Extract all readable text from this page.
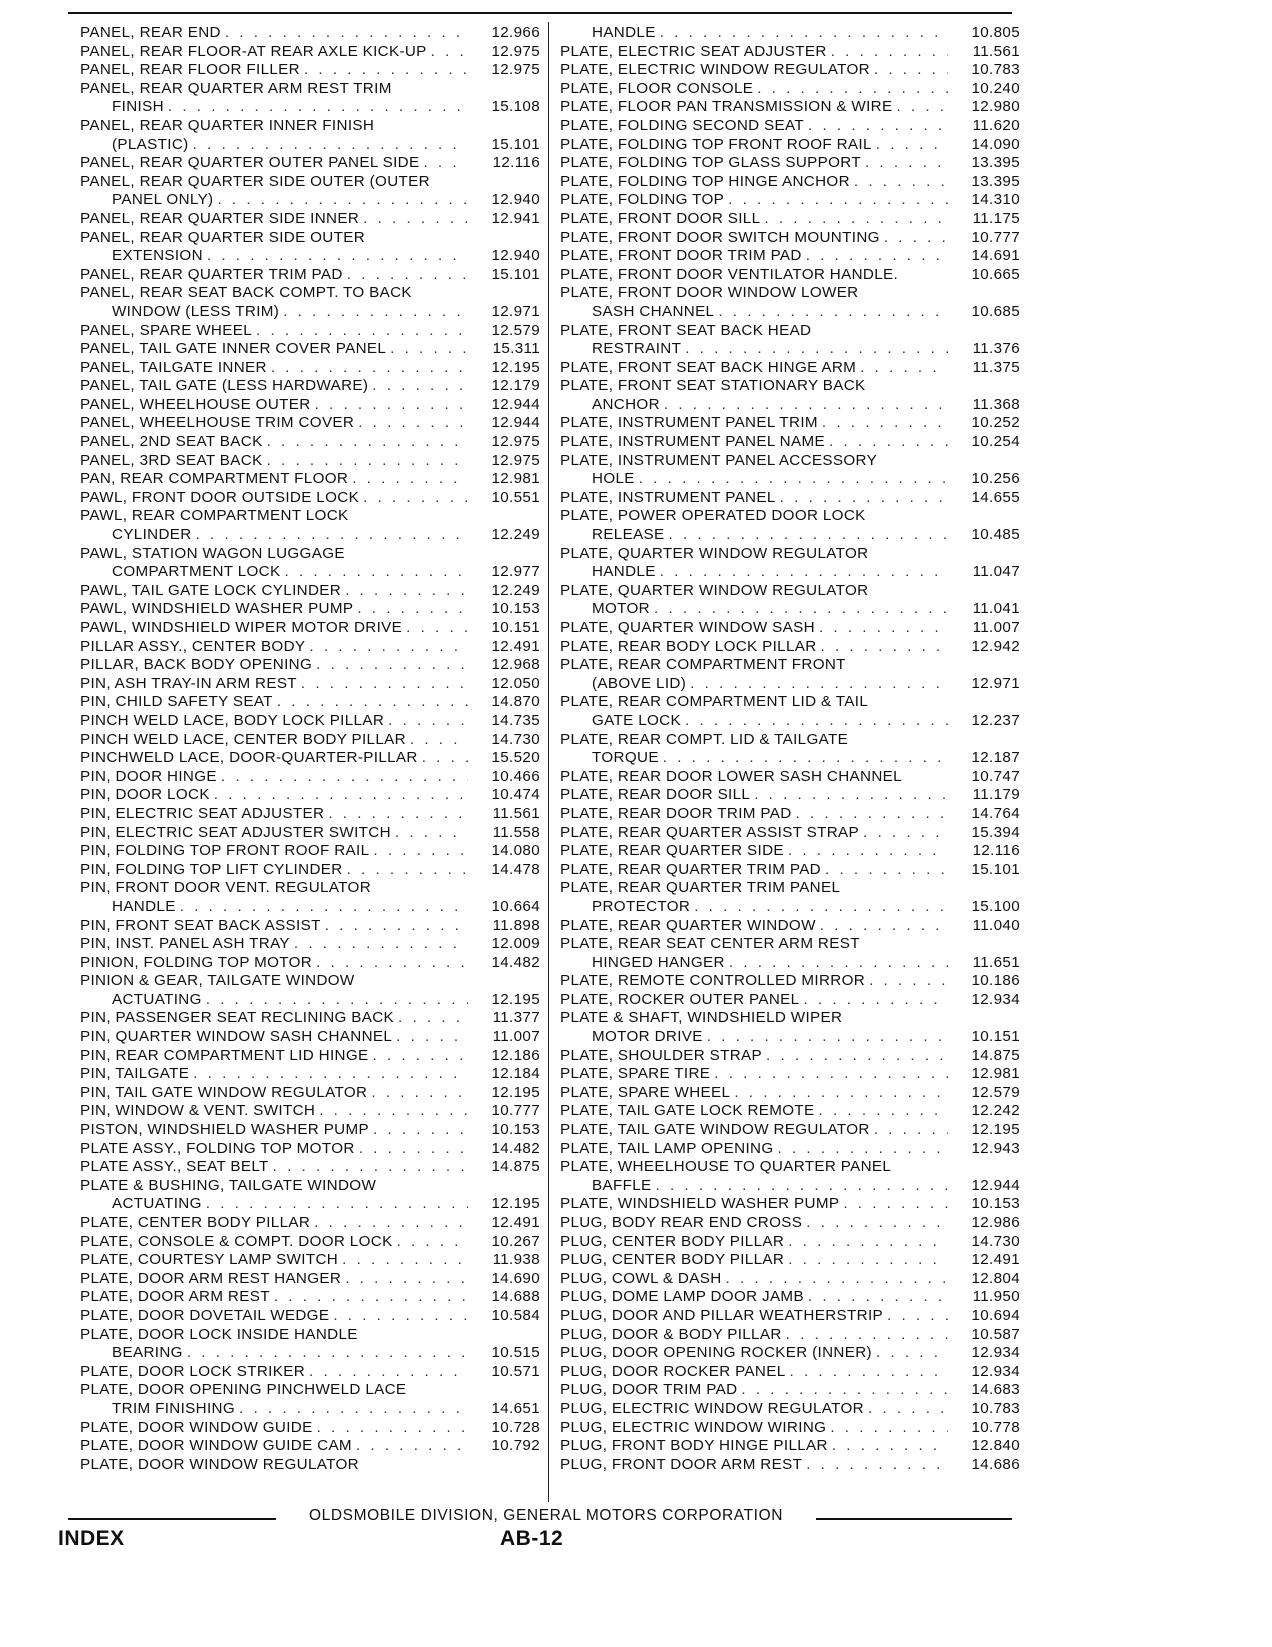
PANEL, REAR END . . .	12.966
PANEL, REAR FLOOR-AT REAR AXLE KICK-UP . . .	12.975
PANEL, REAR FLOOR FILLER . . .	12.975
PANEL, REAR QUARTER ARM REST TRIM
FINISH . . .	15.108
PANEL, REAR QUARTER INNER FINISH
(PLASTIC) . . .	15.101
PANEL, REAR QUARTER OUTER PANEL SIDE . . .	12.116
PANEL, REAR QUARTER SIDE OUTER (OUTER
PANEL ONLY) . . .	12.940
PANEL, REAR QUARTER SIDE INNER . . .	12.941
PANEL, REAR QUARTER SIDE OUTER
EXTENSION . . .	12.940
PANEL, REAR QUARTER TRIM PAD . . .	15.101
PANEL, REAR SEAT BACK COMPT. TO BACK
WINDOW (LESS TRIM) . . .	12.971
PANEL, SPARE WHEEL . . .	12.579
PANEL, TAIL GATE INNER COVER PANEL . . .	15.311
PANEL, TAILGATE INNER . . .	12.195
PANEL, TAIL GATE (LESS HARDWARE) . . .	12.179
PANEL, WHEELHOUSE OUTER . . .	12.944
PANEL, WHEELHOUSE TRIM COVER . . .	12.944
PANEL, 2ND SEAT BACK . . .	12.975
PANEL, 3RD SEAT BACK . . .	12.975
PAN, REAR COMPARTMENT FLOOR . . .	12.981
PAWL, FRONT DOOR OUTSIDE LOCK . . .	10.551
PAWL, REAR COMPARTMENT LOCK
CYLINDER . . .	12.249
PAWL, STATION WAGON LUGGAGE
COMPARTMENT LOCK . . .	12.977
PAWL, TAIL GATE LOCK CYLINDER . . .	12.249
PAWL, WINDSHIELD WASHER PUMP . . .	10.153
PAWL, WINDSHIELD WIPER MOTOR DRIVE . . .	10.151
PILLAR ASSY., CENTER BODY . . .	12.491
PILLAR, BACK BODY OPENING . . .	12.968
PIN, ASH TRAY-IN ARM REST . . .	12.050
PIN, CHILD SAFETY SEAT . . .	14.870
PINCH WELD LACE, BODY LOCK PILLAR . . .	14.735
PINCH WELD LACE, CENTER BODY PILLAR . . .	14.730
PINCHWELD LACE, DOOR-QUARTER-PILLAR . . .	15.520
PIN, DOOR HINGE . . .	10.466
PIN, DOOR LOCK . . .	10.474
PIN, ELECTRIC SEAT ADJUSTER . . .	11.561
PIN, ELECTRIC SEAT ADJUSTER SWITCH . . .	11.558
PIN, FOLDING TOP FRONT ROOF RAIL . . .	14.080
PIN, FOLDING TOP LIFT CYLINDER . . .	14.478
PIN, FRONT DOOR VENT. REGULATOR
HANDLE . . .	10.664
PIN, FRONT SEAT BACK ASSIST . . .	11.898
PIN, INST. PANEL ASH TRAY . . .	12.009
PINION, FOLDING TOP MOTOR . . .	14.482
PINION & GEAR, TAILGATE WINDOW
ACTUATING . . .	12.195
PIN, PASSENGER SEAT RECLINING BACK . . .	11.377
PIN, QUARTER WINDOW SASH CHANNEL . . .	11.007
PIN, REAR COMPARTMENT LID HINGE . . .	12.186
PIN, TAILGATE . . .	12.184
PIN, TAIL GATE WINDOW REGULATOR . . .	12.195
PIN, WINDOW & VENT. SWITCH . . .	10.777
PISTON, WINDSHIELD WASHER PUMP . . .	10.153
PLATE ASSY., FOLDING TOP MOTOR . . .	14.482
PLATE ASSY., SEAT BELT . . .	14.875
PLATE & BUSHING, TAILGATE WINDOW
ACTUATING . . .	12.195
PLATE, CENTER BODY PILLAR . . .	12.491
PLATE, CONSOLE & COMPT. DOOR LOCK . . .	10.267
PLATE, COURTESY LAMP SWITCH . . .	11.938
PLATE, DOOR ARM REST HANGER . . .	14.690
PLATE, DOOR ARM REST . . .	14.688
PLATE, DOOR DOVETAIL WEDGE . . .	10.584
PLATE, DOOR LOCK INSIDE HANDLE
BEARING . . .	10.515
PLATE, DOOR LOCK STRIKER . . .	10.571
PLATE, DOOR OPENING PINCHWELD LACE
TRIM FINISHING . . .	14.651
PLATE, DOOR WINDOW GUIDE . . .	10.728
PLATE, DOOR WINDOW GUIDE CAM . . .	10.792
PLATE, DOOR WINDOW REGULATOR
HANDLE . . .	10.805
PLATE, ELECTRIC SEAT ADJUSTER . . .	11.561
PLATE, ELECTRIC WINDOW REGULATOR . . .	10.783
PLATE, FLOOR CONSOLE . . .	10.240
PLATE, FLOOR PAN TRANSMISSION & WIRE . . .	12.980
PLATE, FOLDING SECOND SEAT . . .	11.620
PLATE, FOLDING TOP FRONT ROOF RAIL . . .	14.090
PLATE, FOLDING TOP GLASS SUPPORT . . .	13.395
PLATE, FOLDING TOP HINGE ANCHOR . . .	13.395
PLATE, FOLDING TOP . . .	14.310
PLATE, FRONT DOOR SILL . . .	11.175
PLATE, FRONT DOOR SWITCH MOUNTING . . .	10.777
PLATE, FRONT DOOR TRIM PAD . . .	14.691
PLATE, FRONT DOOR VENTILATOR HANDLE.	10.665
PLATE, FRONT DOOR WINDOW LOWER
SASH CHANNEL . . .	10.685
PLATE, FRONT SEAT BACK HEAD
RESTRAINT . . .	11.376
PLATE, FRONT SEAT BACK HINGE ARM . . .	11.375
PLATE, FRONT SEAT STATIONARY BACK
ANCHOR . . .	11.368
PLATE, INSTRUMENT PANEL TRIM . . .	10.252
PLATE, INSTRUMENT PANEL NAME . . .	10.254
PLATE, INSTRUMENT PANEL ACCESSORY
HOLE . . .	10.256
PLATE, INSTRUMENT PANEL . . .	14.655
PLATE, POWER OPERATED DOOR LOCK
RELEASE . . .	10.485
PLATE, QUARTER WINDOW REGULATOR
HANDLE . . .	11.047
PLATE, QUARTER WINDOW REGULATOR
MOTOR . . .	11.041
PLATE, QUARTER WINDOW SASH . . .	11.007
PLATE, REAR BODY LOCK PILLAR . . .	12.942
PLATE, REAR COMPARTMENT FRONT
(ABOVE LID) . . .	12.971
PLATE, REAR COMPARTMENT LID & TAIL
GATE LOCK . . .	12.237
PLATE, REAR COMPT. LID & TAILGATE
TORQUE . . .	12.187
PLATE, REAR DOOR LOWER SASH CHANNEL	10.747
PLATE, REAR DOOR SILL . . .	11.179
PLATE, REAR DOOR TRIM PAD . . .	14.764
PLATE, REAR QUARTER ASSIST STRAP . . .	15.394
PLATE, REAR QUARTER SIDE . . .	12.116
PLATE, REAR QUARTER TRIM PAD . . .	15.101
PLATE, REAR QUARTER TRIM PANEL
PROTECTOR . . .	15.100
PLATE, REAR QUARTER WINDOW . . .	11.040
PLATE, REAR SEAT CENTER ARM REST
HINGED HANGER . . .	11.651
PLATE, REMOTE CONTROLLED MIRROR . . .	10.186
PLATE, ROCKER OUTER PANEL . . .	12.934
PLATE & SHAFT, WINDSHIELD WIPER
MOTOR DRIVE . . .	10.151
PLATE, SHOULDER STRAP . . .	14.875
PLATE, SPARE TIRE . . .	12.981
PLATE, SPARE WHEEL . . .	12.579
PLATE, TAIL GATE LOCK REMOTE . . .	12.242
PLATE, TAIL GATE WINDOW REGULATOR . . .	12.195
PLATE, TAIL LAMP OPENING . . .	12.943
PLATE, WHEELHOUSE TO QUARTER PANEL
BAFFLE . . .	12.944
PLATE, WINDSHIELD WASHER PUMP . . .	10.153
PLUG, BODY REAR END CROSS . . .	12.986
PLUG, CENTER BODY PILLAR . . .	14.730
PLUG, CENTER BODY PILLAR . . .	12.491
PLUG, COWL & DASH . . .	12.804
PLUG, DOME LAMP DOOR JAMB . . .	11.950
PLUG, DOOR AND PILLAR WEATHERSTRIP . . .	10.694
PLUG, DOOR & BODY PILLAR . . .	10.587
PLUG, DOOR OPENING ROCKER (INNER) . . .	12.934
PLUG, DOOR ROCKER PANEL . . .	12.934
PLUG, DOOR TRIM PAD . . .	14.683
PLUG, ELECTRIC WINDOW REGULATOR . . .	10.783
PLUG, ELECTRIC WINDOW WIRING . . .	10.778
PLUG, FRONT BODY HINGE PILLAR . . .	12.840
PLUG, FRONT DOOR ARM REST . . .	14.686
OLDSMOBILE DIVISION, GENERAL MOTORS CORPORATION
INDEX	AB-12
